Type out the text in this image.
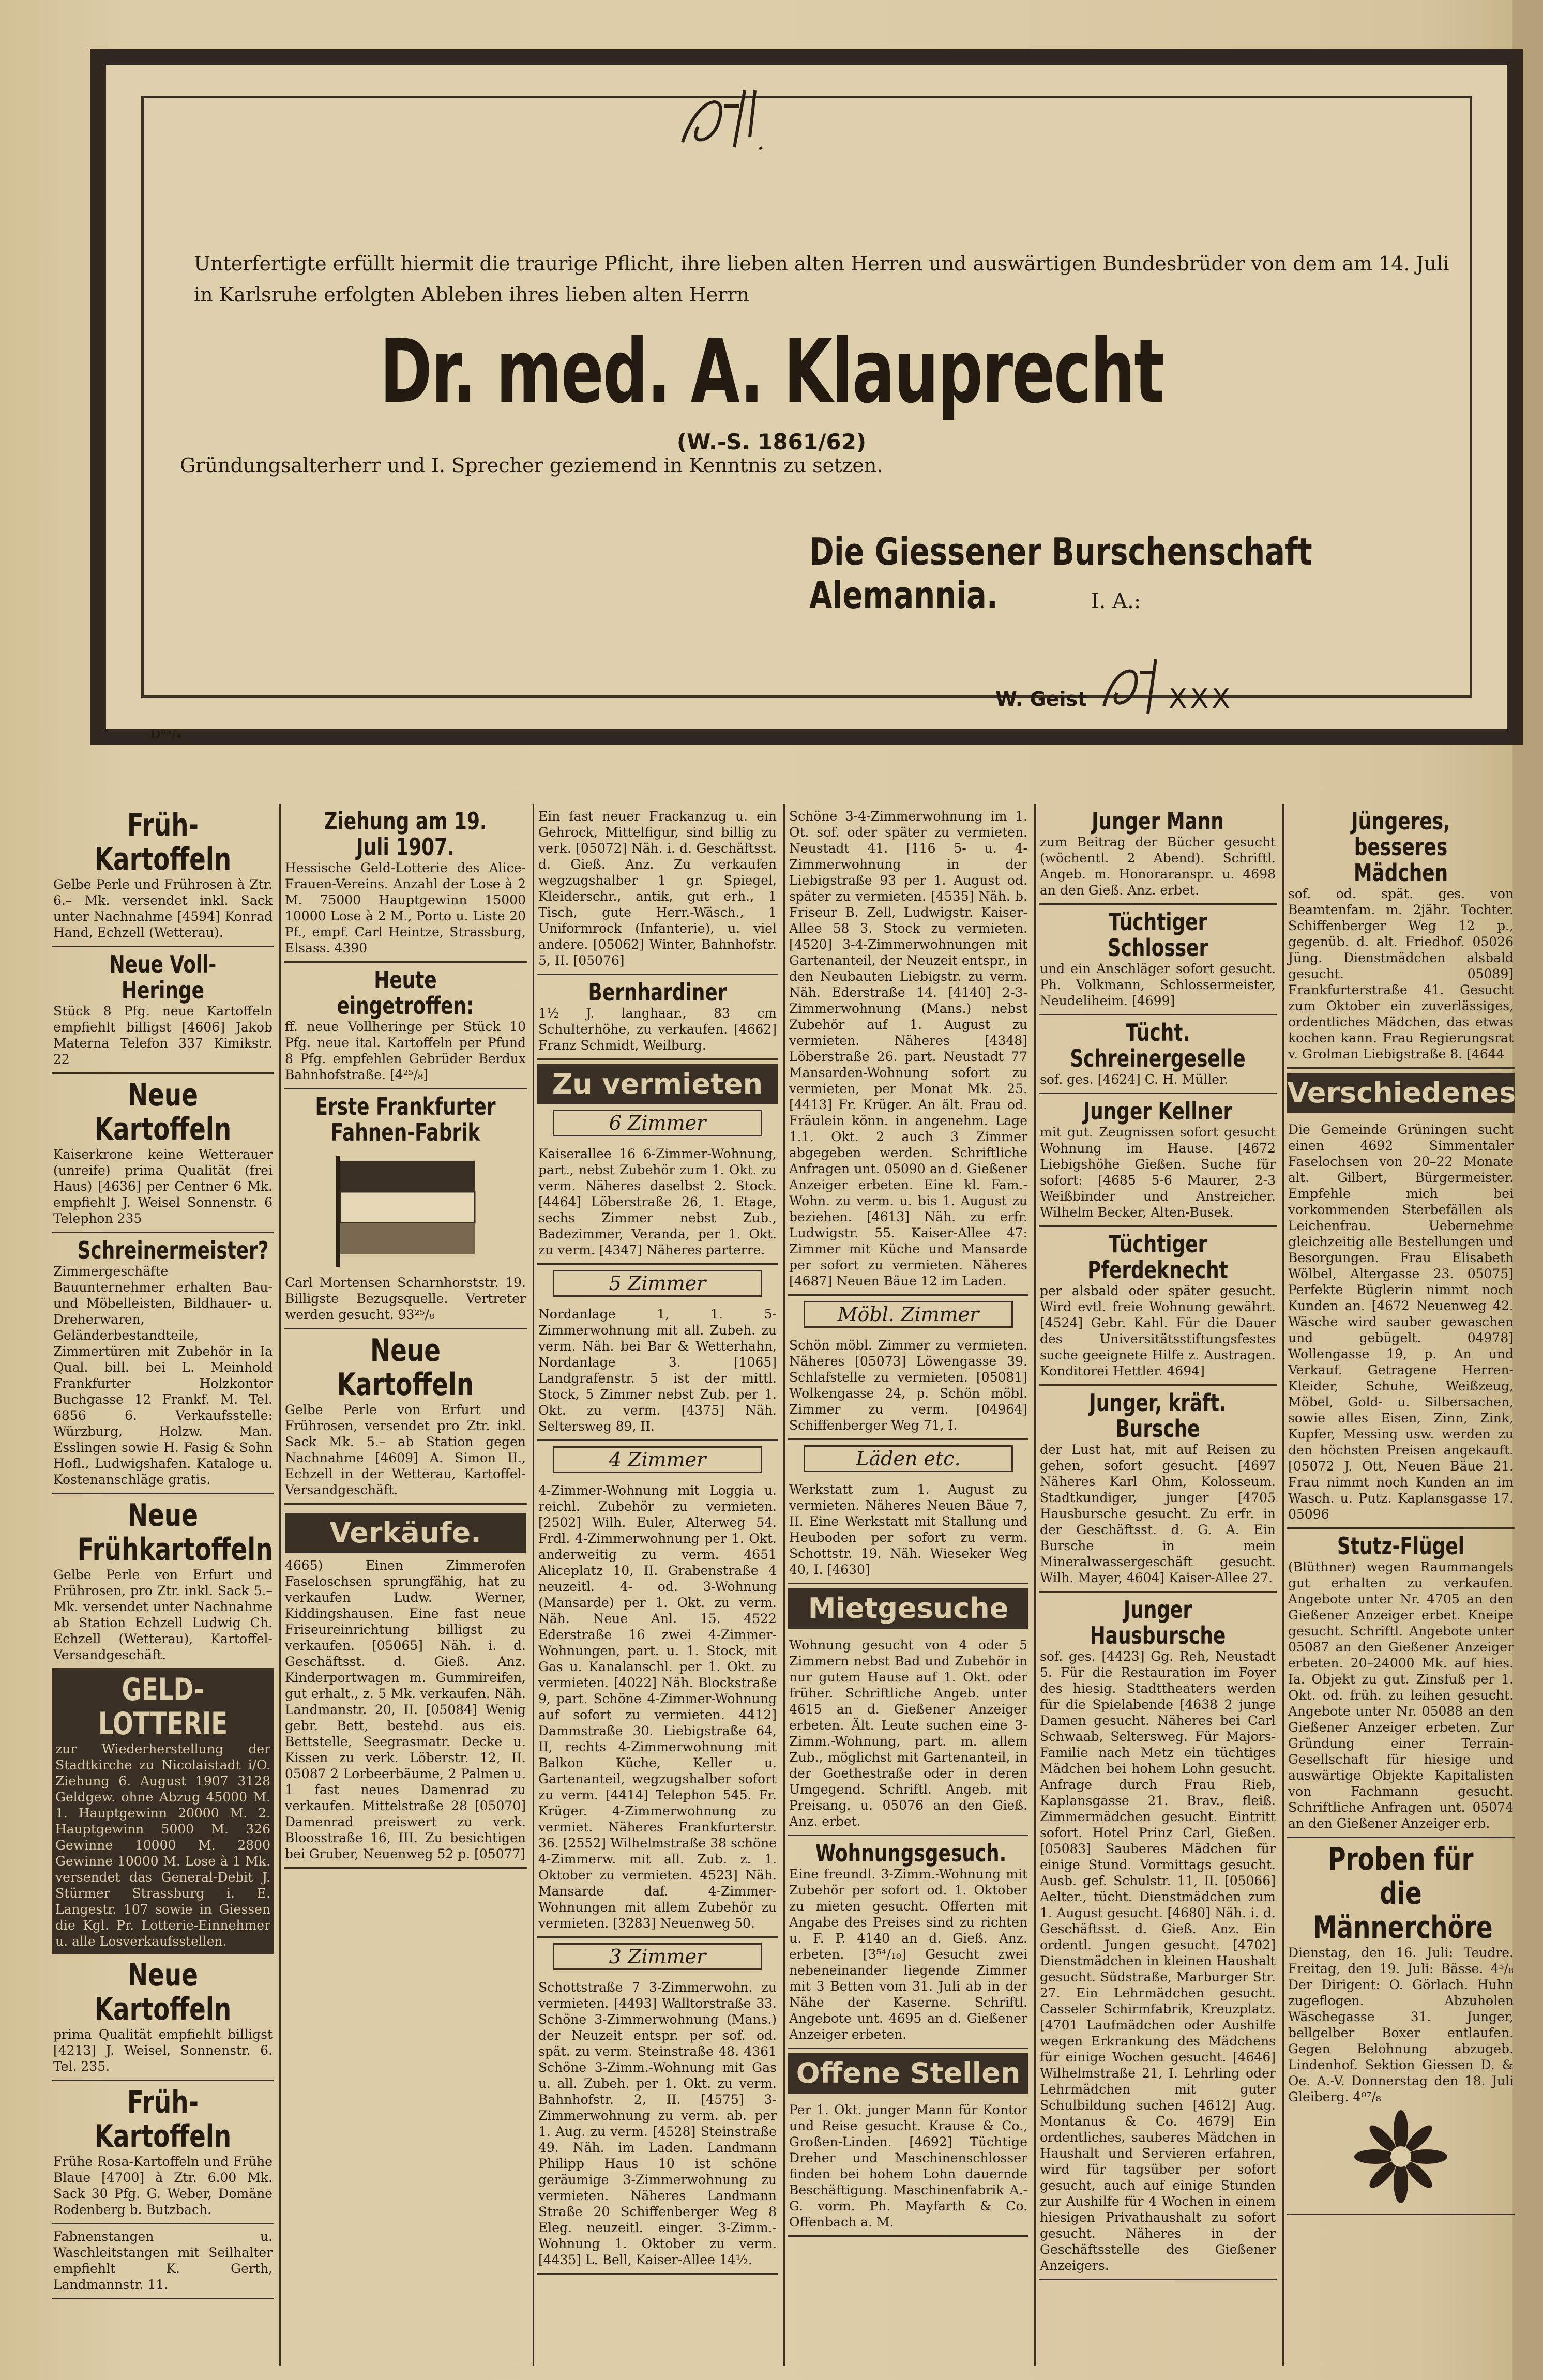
Unterfertigte erfüllt hiermit die traurige Pflicht, ihre lieben alten Herren und auswärtigen Bundesbrüder von dem am 14. Juli in Karlsruhe erfolgten Ableben ihres lieben alten Herrn
Dr. med. A. Klauprecht
(W.-S. 1861/62)
Gründungsalterherr und I. Sprecher geziemend in Kenntnis zu setzen.
Die Giessener Burschenschaft Alemannia.	I. A.:
W. Geist	XXX
D⁸³/₄
Früh-Kartoffeln
Gelbe Perle und Frührosen à Ztr. 6.– Mk. versendet inkl. Sack unter Nachnahme [4594] Konrad Hand, Echzell (Wetterau).
Neue Voll-Heringe
Stück 8 Pfg. neue Kartoffeln empfiehlt billigst [4606] Jakob Materna Telefon 337 Kimikstr. 22
Neue Kartoffeln
Kaiserkrone keine Wetterauer (unreife) prima Qualität (frei Haus) [4636] per Centner 6 Mk. empfiehlt J. Weisel Sonnenstr. 6 Telephon 235
Schreinermeister?
Zimmergeschäfte Bauunternehmer erhalten Bau- und Möbelleisten, Bildhauer- u. Dreherwaren, Geländerbestandteile, Zimmertüren mit Zubehör in Ia Qual. bill. bei L. Meinhold Frankfurter Holzkontor Buchgasse 12 Frankf. M. Tel. 6856 6. Verkaufsstelle: Würzburg, Holzw. Man. Esslingen sowie H. Fasig & Sohn Hofl., Ludwigshafen. Kataloge u. Kostenanschläge gratis.
Neue Frühkartoffeln
Gelbe Perle von Erfurt und Frührosen, pro Ztr. inkl. Sack 5.– Mk. versendet unter Nachnahme ab Station Echzell Ludwig Ch. Echzell (Wetterau), Kartoffel-Versandgeschäft.
GELD-LOTTERIE
zur Wiederherstellung der Stadtkirche zu Nicolaistadt i/O. Ziehung 6. August 1907 3128 Geldgew. ohne Abzug 45000 M. 1. Hauptgewinn 20000 M. 2. Hauptgewinn 5000 M. 326 Gewinne 10000 M. 2800 Gewinne 10000 M. Lose à 1 Mk. versendet das General-Debit J. Stürmer Strassburg i. E. Langestr. 107 sowie in Giessen die Kgl. Pr. Lotterie-Einnehmer u. alle Losverkaufsstellen.
Neue Kartoffeln
prima Qualität empfiehlt billigst [4213] J. Weisel, Sonnenstr. 6. Tel. 235.
Früh-Kartoffeln
Frühe Rosa-Kartoffeln und Frühe Blaue [4700] à Ztr. 6.00 Mk. Sack 30 Pfg. G. Weber, Domäne Rodenberg b. Butzbach.
Fabnenstangen u. Waschleitstangen mit Seilhalter empfiehlt K. Gerth, Landmannstr. 11.
Ziehung am 19. Juli 1907.
Hessische Geld-Lotterie des Alice-Frauen-Vereins. Anzahl der Lose à 2 M. 75000 Hauptgewinn 15000 10000 Lose à 2 M., Porto u. Liste 20 Pf., empf. Carl Heintze, Strassburg, Elsass. 4390
Heute eingetroffen:
ff. neue Vollheringe per Stück 10 Pfg. neue ital. Kartoffeln per Pfund 8 Pfg. empfehlen Gebrüder Berdux Bahnhofstraße. [4²⁵/₈]
Erste Frankfurter Fahnen-Fabrik
Carl Mortensen Scharnhorststr. 19. Billigste Bezugsquelle. Vertreter werden gesucht. 93²⁵/₈
Neue Kartoffeln
Gelbe Perle von Erfurt und Frührosen, versendet pro Ztr. inkl. Sack Mk. 5.– ab Station gegen Nachnahme [4609] A. Simon II., Echzell in der Wetterau, Kartoffel-Versandgeschäft.
Verkäufe.
4665) Einen Zimmerofen Faseloschsen sprungfähig, hat zu verkaufen Ludw. Werner, Kiddingshausen. Eine fast neue Friseureinrichtung billigst zu verkaufen. [05065] Näh. i. d. Geschäftsst. d. Gieß. Anz. Kinderportwagen m. Gummireifen, gut erhalt., z. 5 Mk. verkaufen. Näh. Landmanstr. 20, II. [05084] Wenig gebr. Bett, bestehd. aus eis. Bettstelle, Seegrasmatr. Decke u. Kissen zu verk. Löberstr. 12, II. 05087 2 Lorbeerbäume, 2 Palmen u. 1 fast neues Damenrad zu verkaufen. Mittelstraße 28 [05070] Damenrad preiswert zu verk. Bloosstraße 16, III. Zu besichtigen bei Gruber, Neuenweg 52 p. [05077]
Ein fast neuer Frackanzug u. ein Gehrock, Mittelfigur, sind billig zu verk. [05072] Näh. i. d. Geschäftsst. d. Gieß. Anz. Zu verkaufen wegzugshalber 1 gr. Spiegel, Kleiderschr., antik, gut erh., 1 Tisch, gute Herr.-Wäsch., 1 Uniformrock (Infanterie), u. viel andere. [05062] Winter, Bahnhofstr. 5, II. [05076]
Bernhardiner
1½ J. langhaar., 83 cm Schulterhöhe, zu verkaufen. [4662] Franz Schmidt, Weilburg.
Zu vermieten
6 Zimmer
Kaiserallee 16 6-Zimmer-Wohnung, part., nebst Zubehör zum 1. Okt. zu verm. Näheres daselbst 2. Stock. [4464] Löberstraße 26, 1. Etage, sechs Zimmer nebst Zub., Badezimmer, Veranda, per 1. Okt. zu verm. [4347] Näheres parterre.
5 Zimmer
Nordanlage 1, 1. 5-Zimmerwohnung mit all. Zubeh. zu verm. Näh. bei Bar & Wetterhahn, Nordanlage 3. [1065] Landgrafenstr. 5 ist der mittl. Stock, 5 Zimmer nebst Zub. per 1. Okt. zu verm. [4375] Näh. Seltersweg 89, II.
4 Zimmer
4-Zimmer-Wohnung mit Loggia u. reichl. Zubehör zu vermieten. [2502] Wilh. Euler, Alterweg 54. Frdl. 4-Zimmerwohnung per 1. Okt. anderweitig zu verm. 4651 Aliceplatz 10, II. Grabenstraße 4 neuzeitl. 4- od. 3-Wohnung (Mansarde) per 1. Okt. zu verm. Näh. Neue Anl. 15. 4522 Ederstraße 16 zwei 4-Zimmer-Wohnungen, part. u. 1. Stock, mit Gas u. Kanalanschl. per 1. Okt. zu vermieten. [4022] Näh. Blockstraße 9, part. Schöne 4-Zimmer-Wohnung auf sofort zu vermieten. 4412] Dammstraße 30. Liebigstraße 64, II, rechts 4-Zimmerwohnung mit Balkon Küche, Keller u. Gartenanteil, wegzugshalber sofort zu verm. [4414] Telephon 545. Fr. Krüger. 4-Zimmerwohnung zu vermiet. Näheres Frankfurterstr. 36. [2552] Wilhelmstraße 38 schöne 4-Zimmerw. mit all. Zub. z. 1. Oktober zu vermieten. 4523] Näh. Mansarde daf. 4-Zimmer-Wohnungen mit allem Zubehör zu vermieten. [3283] Neuenweg 50.
3 Zimmer
Schottstraße 7 3-Zimmerwohn. zu vermieten. [4493] Walltorstraße 33. Schöne 3-Zimmerwohnung (Mans.) der Neuzeit entspr. per sof. od. spät. zu verm. Steinstraße 48. 4361 Schöne 3-Zimm.-Wohnung mit Gas u. all. Zubeh. per 1. Okt. zu verm. Bahnhofstr. 2, II. [4575] 3-Zimmerwohnung zu verm. ab. per 1. Aug. zu verm. [4528] Steinstraße 49. Näh. im Laden. Landmann Philipp Haus 10 ist schöne geräumige 3-Zimmerwohnung zu vermieten. Näheres Landmann Straße 20 Schiffenberger Weg 8 Eleg. neuzeitl. einger. 3-Zimm.-Wohnung 1. Oktober zu verm. [4435] L. Bell, Kaiser-Allee 14½.
Schöne 3-4-Zimmerwohnung im 1. Ot. sof. oder später zu vermieten. Neustadt 41. [116 5- u. 4-Zimmerwohnung in der Liebigstraße 93 per 1. August od. später zu vermieten. [4535] Näh. b. Friseur B. Zell, Ludwigstr. Kaiser-Allee 58 3. Stock zu vermieten. [4520] 3-4-Zimmerwohnungen mit Gartenanteil, der Neuzeit entspr., in den Neubauten Liebigstr. zu verm. Näh. Ederstraße 14. [4140] 2-3-Zimmerwohnung (Mans.) nebst Zubehör auf 1. August zu vermieten. Näheres [4348] Löberstraße 26. part. Neustadt 77 Mansarden-Wohnung sofort zu vermieten, per Monat Mk. 25. [4413] Fr. Krüger. An ält. Frau od. Fräulein könn. in angenehm. Lage 1.1. Okt. 2 auch 3 Zimmer abgegeben werden. Schriftliche Anfragen unt. 05090 an d. Gießener Anzeiger erbeten. Eine kl. Fam.-Wohn. zu verm. u. bis 1. August zu beziehen. [4613] Näh. zu erfr. Ludwigstr. 55. Kaiser-Allee 47: Zimmer mit Küche und Mansarde per sofort zu vermieten. Näheres [4687] Neuen Bäue 12 im Laden.
Möbl. Zimmer
Schön möbl. Zimmer zu vermieten. Näheres [05073] Löwengasse 39. Schlafstelle zu vermieten. [05081] Wolkengasse 24, p. Schön möbl. Zimmer zu verm. [04964] Schiffenberger Weg 71, I.
Läden etc.
Werkstatt zum 1. August zu vermieten. Näheres Neuen Bäue 7, II. Eine Werkstatt mit Stallung und Heuboden per sofort zu verm. Schottstr. 19. Näh. Wieseker Weg 40, I. [4630]
Mietgesuche
Wohnung gesucht von 4 oder 5 Zimmern nebst Bad und Zubehör in nur gutem Hause auf 1. Okt. oder früher. Schriftliche Angeb. unter 4615 an d. Gießener Anzeiger erbeten. Ält. Leute suchen eine 3-Zimm.-Wohnung, part. m. allem Zub., möglichst mit Gartenanteil, in der Goethestraße oder in deren Umgegend. Schriftl. Angeb. mit Preisang. u. 05076 an den Gieß. Anz. erbet.
Wohnungsgesuch.
Eine freundl. 3-Zimm.-Wohnung mit Zubehör per sofort od. 1. Oktober zu mieten gesucht. Offerten mit Angabe des Preises sind zu richten u. F. P. 4140 an d. Gieß. Anz. erbeten. [3⁵⁴/₁₀] Gesucht zwei nebeneinander liegende Zimmer mit 3 Betten vom 31. Juli ab in der Nähe der Kaserne. Schriftl. Angebote unt. 4695 an d. Gießener Anzeiger erbeten.
Offene Stellen
Per 1. Okt. junger Mann für Kontor und Reise gesucht. Krause & Co., Großen-Linden. [4692] Tüchtige Dreher und Maschinenschlosser finden bei hohem Lohn dauernde Beschäftigung. Maschinenfabrik A.-G. vorm. Ph. Mayfarth & Co. Offenbach a. M.
Junger Mann
zum Beitrag der Bücher gesucht (wöchentl. 2 Abend). Schriftl. Angeb. m. Honoraranspr. u. 4698 an den Gieß. Anz. erbet.
Tüchtiger Schlosser
und ein Anschläger sofort gesucht. Ph. Volkmann, Schlossermeister, Neudeliheim. [4699]
Tücht. Schreinergeselle
sof. ges. [4624] C. H. Müller.
Junger Kellner
mit gut. Zeugnissen sofort gesucht Wohnung im Hause. [4672 Liebigshöhe Gießen. Suche für sofort: [4685 5-6 Maurer, 2-3 Weißbinder und Anstreicher. Wilhelm Becker, Alten-Busek.
Tüchtiger Pferdeknecht
per alsbald oder später gesucht. Wird evtl. freie Wohnung gewährt. [4524] Gebr. Kahl. Für die Dauer des Universitätsstiftungsfestes suche geeignete Hilfe z. Austragen. Konditorei Hettler. 4694]
Junger, kräft. Bursche
der Lust hat, mit auf Reisen zu gehen, sofort gesucht. [4697 Näheres Karl Ohm, Kolosseum. Stadtkundiger, junger [4705 Hausbursche gesucht. Zu erfr. in der Geschäftsst. d. G. A. Ein Bursche in mein Mineralwassergeschäft gesucht. Wilh. Mayer, 4604] Kaiser-Allee 27.
Junger Hausbursche
sof. ges. [4423] Gg. Reh, Neustadt 5. Für die Restauration im Foyer des hiesig. Stadttheaters werden für die Spielabende [4638 2 junge Damen gesucht. Näheres bei Carl Schwaab, Seltersweg. Für Majors-Familie nach Metz ein tüchtiges Mädchen bei hohem Lohn gesucht. Anfrage durch Frau Rieb, Kaplansgasse 21. Brav., fleiß. Zimmermädchen gesucht. Eintritt sofort. Hotel Prinz Carl, Gießen. [05083] Sauberes Mädchen für einige Stund. Vormittags gesucht. Ausb. gef. Schulstr. 11, II. [05066] Aelter., tücht. Dienstmädchen zum 1. August gesucht. [4680] Näh. i. d. Geschäftsst. d. Gieß. Anz. Ein ordentl. Jungen gesucht. [4702] Dienstmädchen in kleinen Haushalt gesucht. Südstraße, Marburger Str. 27. Ein Lehrmädchen gesucht. Casseler Schirmfabrik, Kreuzplatz. [4701 Laufmädchen oder Aushilfe wegen Erkrankung des Mädchens für einige Wochen gesucht. [4646] Wilhelmstraße 21, I. Lehrling oder Lehrmädchen mit guter Schulbildung suchen [4612] Aug. Montanus & Co. 4679] Ein ordentliches, sauberes Mädchen in Haushalt und Servieren erfahren, wird für tagsüber per sofort gesucht, auch auf einige Stunden zur Aushilfe für 4 Wochen in einem hiesigen Privathaushalt zu sofort gesucht. Näheres in der Geschäftsstelle des Gießener Anzeigers.
Jüngeres, besseres Mädchen
sof. od. spät. ges. von Beamtenfam. m. 2jähr. Tochter. Schiffenberger Weg 12 p., gegenüb. d. alt. Friedhof. 05026 Jüng. Dienstmädchen alsbald gesucht. 05089] Frankfurterstraße 41. Gesucht zum Oktober ein zuverlässiges, ordentliches Mädchen, das etwas kochen kann. Frau Regierungsrat v. Grolman Liebigstraße 8. [4644
Verschiedenes
Die Gemeinde Grüningen sucht einen 4692 Simmentaler Faselochsen von 20–22 Monate alt. Gilbert, Bürgermeister. Empfehle mich bei vorkommenden Sterbefällen als Leichenfrau. Uebernehme gleichzeitig alle Bestellungen und Besorgungen. Frau Elisabeth Wölbel, Altergasse 23. 05075] Perfekte Büglerin nimmt noch Kunden an. [4672 Neuenweg 42. Wäsche wird sauber gewaschen und gebügelt. 04978] Wollengasse 19, p. An und Verkauf. Getragene Herren-Kleider, Schuhe, Weißzeug, Möbel, Gold- u. Silbersachen, sowie alles Eisen, Zinn, Zink, Kupfer, Messing usw. werden zu den höchsten Preisen angekauft. [05072 J. Ott, Neuen Bäue 21. Frau nimmt noch Kunden an im Wasch. u. Putz. Kaplansgasse 17. 05096
Stutz-Flügel
(Blüthner) wegen Raummangels gut erhalten zu verkaufen. Angebote unter Nr. 4705 an den Gießener Anzeiger erbet. Kneipe gesucht. Schriftl. Angebote unter 05087 an den Gießener Anzeiger erbeten. 20–24000 Mk. auf hies. Ia. Objekt zu gut. Zinsfuß per 1. Okt. od. früh. zu leihen gesucht. Angebote unter Nr. 05088 an den Gießener Anzeiger erbeten. Zur Gründung einer Terrain-Gesellschaft für hiesige und auswärtige Objekte Kapitalisten von Fachmann gesucht. Schriftliche Anfragen unt. 05074 an den Gießener Anzeiger erb.
Proben für die Männerchöre
Dienstag, den 16. Juli: Teudre. Freitag, den 19. Juli: Bässe. 4⁵/₈ Der Dirigent: O. Görlach. Huhn zugeflogen. Abzuholen Wäschegasse 31. Junger, bellgelber Boxer entlaufen. Gegen Belohnung abzugeb. Lindenhof. Sektion Giessen D. & Oe. A.-V. Donnerstag den 18. Juli Gleiberg. 4⁰⁷/₈
